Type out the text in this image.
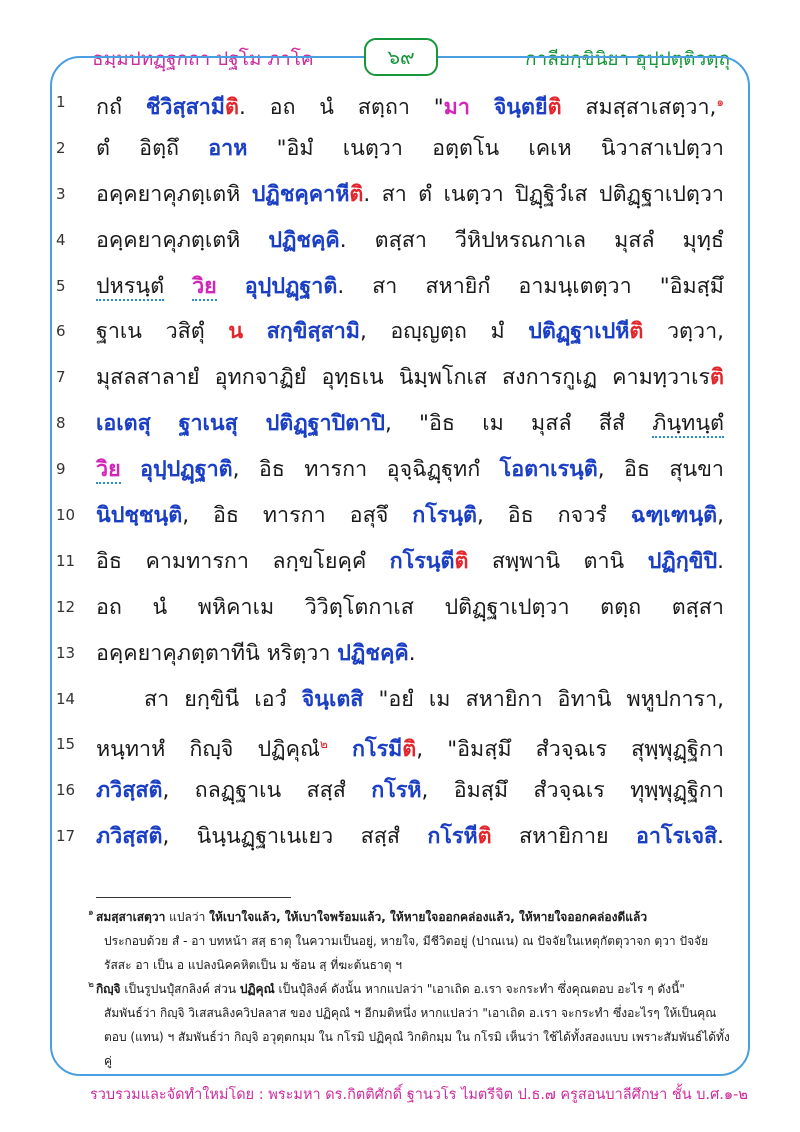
ธมฺมปทฏฺฐกถา ปฐโม ภาโค	กาลียกฺขินิยา อุปฺปตฺติวตฺถุ
๖๙
1	กถํ ชีวิสฺสามีติ. อถ นํ สตฺถา "มา จินฺตยีติ สมสฺสาเสตฺวา,$^๑$
2	ตํ อิตฺถึ อาห "อิมํ เนตฺวา อตฺตโน เคเห นิวาสาเปตฺวา
3	อคฺคยาคุภตฺเตหิ ปฏิชคฺคาหีติ. สา ตํ เนตฺวา ปิฏฺฐิวํเส ปติฏฺฐาเปตฺวา
4	อคฺคยาคุภตฺเตหิ ปฏิชคฺคิ. ตสฺสา วีหิปหรณกาเล มุสลํ มุทฺธํ
5	ปหรนฺตํ วิย อุปฺปฏฺฐาติ. สา สหายิกํ อามนฺเตตฺวา "อิมสฺมึ
6	ฐาเน วสิตุํ น สกฺขิสฺสามิ, อญฺญตฺถ มํ ปติฏฺฐาเปหีติ วตฺวา,
7	มุสลสาลายํ อุทกจาฏิยํ อุทฺธเน นิมฺพโกเส สงการกูเฏ คามทฺวาเรติ
8	เอเตสุ ฐาเนสุ ปติฏฺฐาปิตาปิ, "อิธ เม มุสลํ สีสํ ภินฺทนฺตํ
9	วิย อุปฺปฏฺฐาติ, อิธ ทารกา อุจฺฉิฏฺฐุทกํ โอตาเรนฺติ, อิธ สุนขา
10 นิปชฺชนฺติ, อิธ ทารกา อสุจึ กโรนฺติ, อิธ กจวรํ ฉฑฺเฑนฺติ,
11 อิธ คามทารกา ลกฺขโยคฺคํ กโรนฺตีติ สพฺพานิ ตานิ ปฏิกฺขิปิ.
12 อถ นํ พหิคาเม วิวิตฺโตกาเส ปติฏฺฐาเปตฺวา ตตฺถ ตสฺสา
13 อคฺคยาคุภตฺตาทีนิ หริตฺวา ปฏิชคฺคิ.
14	สา ยกฺขินี เอวํ จินฺเตสิ "อยํ เม สหายิกา อิทานิ พหูปการา,
15 หนฺทาหํ กิญฺจิ ปฏิคุณํ$^๒$ กโรมีติ, "อิมสฺมึ สํวจฺฉเร สุพฺพุฏฺฐิกา
16 ภวิสฺสติ, ถลฏฺฐาเน สสฺสํ กโรหิ, อิมสฺมึ สํวจฺฉเร ทุพฺพุฏฺฐิกา
17 ภวิสฺสติ, นินฺนฏฺฐาเนเยว สสฺสํ กโรหีติ สหายิกาย อาโรเจสิ.
๑ สมสฺสาเสตฺวา แปลว่า ให้เบาใจแล้ว, ให้เบาใจพร้อมแล้ว, ให้หายใจออกคล่องแล้ว, ให้หายใจออกคล่องดีแล้ว
ประกอบด้วย สํ - อา บทหน้า สสฺ ธาตุ ในความเป็นอยู่, หายใจ, มีชีวิตอยู่ (ปาณเน) ณ ปัจจัยในเหตุกัตตุวาจก ตฺวา ปัจจัย
รัสสะ อา เป็น อ แปลงนิคคหิตเป็น ม ซ้อน สฺ ที่ฆะต้นธาตุ ฯ
๒ กิญฺจิ เป็นรูปนปุํสกลิงค์ ส่วน ปฏิคุณํ เป็นปุํลิงค์ ดังนั้น หากแปลว่า "เอาเถิด อ.เรา จะกระทำ ซึ่งคุณตอบ อะไร ๆ ดังนี้"
สัมพันธ์ว่า กิญฺจิ วิเสสนลิงควิปลลาส ของ ปฏิคุณํ ฯ อีกมติหนึ่ง หากแปลว่า "เอาเถิด อ.เรา จะกระทำ ซึ่งอะไรๆ ให้เป็นคุณ
ตอบ (แทน) ฯ สัมพันธ์ว่า กิญฺจิ อวุตฺตกมฺม ใน กโรมิ ปฏิคุณํ วิกติกมฺม ใน กโรมิ เห็นว่า ใช้ได้ทั้งสองแบบ เพราะสัมพันธ์ได้ทั้งคู่
รวบรวมและจัดทำใหม่โดย : พระมหา ดร.กิตติศักดิ์ ฐานวโร ไมตรีจิต ป.ธ.๗ ครูสอนบาลีศึกษา ชั้น บ.ศ.๑-๒
